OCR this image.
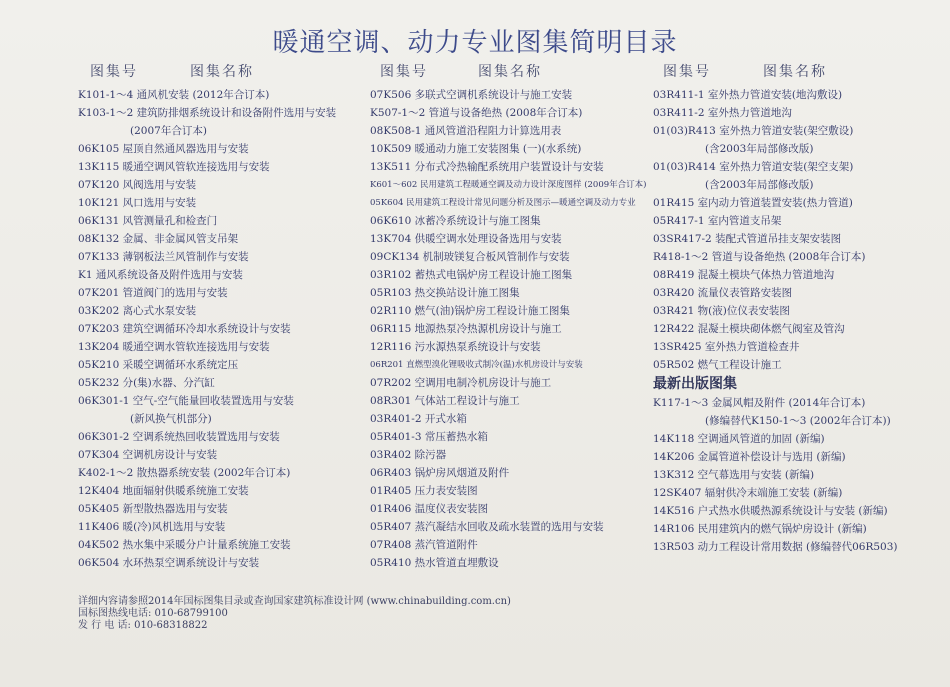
暖通空调、动力专业图集简明目录
图集号	图集名称
K101-1～4 通风机安装 (2012年合订本)
K103-1～2 建筑防排烟系统设计和设备附件选用与安装
(2007年合订本)
06K105 屋顶自然通风器选用与安装
13K115 暖通空调风管软连接选用与安装
07K120 风阀选用与安装
10K121 风口选用与安装
06K131 风管测量孔和检查门
08K132 金属、非金属风管支吊架
07K133 薄钢板法兰风管制作与安装
K1 通风系统设备及附件选用与安装
07K201 管道阀门的选用与安装
03K202 离心式水泵安装
07K203 建筑空调循环冷却水系统设计与安装
13K204 暖通空调水管软连接选用与安装
05K210 采暖空调循环水系统定压
05K232 分(集)水器、分汽缸
06K301-1 空气-空气能量回收装置选用与安装
(新风换气机部分)
06K301-2 空调系统热回收装置选用与安装
07K304 空调机房设计与安装
K402-1～2 散热器系统安装 (2002年合订本)
12K404 地面辐射供暖系统施工安装
05K405 新型散热器选用与安装
11K406 暖(冷)风机选用与安装
04K502 热水集中采暖分户计量系统施工安装
06K504 水环热泵空调系统设计与安装
图集号	图集名称
07K506 多联式空调机系统设计与施工安装
K507-1～2 管道与设备绝热 (2008年合订本)
08K508-1 通风管道沿程阻力计算选用表
10K509 暖通动力施工安装图集 (一)(水系统)
13K511 分布式冷热输配系统用户装置设计与安装
K601～602 民用建筑工程暖通空调及动力设计深度图样 (2009年合订本)
05K604 民用建筑工程设计常见问题分析及图示—暖通空调及动力专业
06K610 冰蓄冷系统设计与施工图集
13K704 供暖空调水处理设备选用与安装
09CK134 机制玻镁复合板风管制作与安装
03R102 蓄热式电锅炉房工程设计施工图集
05R103 热交换站设计施工图集
02R110 燃气(油)锅炉房工程设计施工图集
06R115 地源热泵冷热源机房设计与施工
12R116 污水源热泵系统设计与安装
06R201 直燃型溴化锂吸收式制冷(温)水机房设计与安装
07R202 空调用电制冷机房设计与施工
08R301 气体站工程设计与施工
03R401-2 开式水箱
05R401-3 常压蓄热水箱
03R402 除污器
06R403 锅炉房风烟道及附件
01R405 压力表安装图
01R406 温度仪表安装图
05R407 蒸汽凝结水回收及疏水装置的选用与安装
07R408 蒸汽管道附件
05R410 热水管道直埋敷设
图集号	图集名称
03R411-1 室外热力管道安装(地沟敷设)
03R411-2 室外热力管道地沟
01(03)R413 室外热力管道安装(架空敷设)
(含2003年局部修改版)
01(03)R414 室外热力管道安装(架空支架)
(含2003年局部修改版)
01R415 室内动力管道装置安装(热力管道)
05R417-1 室内管道支吊架
03SR417-2 装配式管道吊挂支架安装图
R418-1～2 管道与设备绝热 (2008年合订本)
08R419 混凝土模块气体热力管道地沟
03R420 流量仪表管路安装图
03R421 物(液)位仪表安装图
12R422 混凝土模块砌体燃气阀室及管沟
13SR425 室外热力管道检查井
05R502 燃气工程设计施工
最新出版图集
K117-1～3 金属风帽及附件 (2014年合订本)
(修编替代K150-1～3 (2002年合订本))
14K118 空调通风管道的加固 (新编)
14K206 金属管道补偿设计与选用 (新编)
13K312 空气幕选用与安装 (新编)
12SK407 辐射供冷末端施工安装 (新编)
14K516 户式热水供暖热源系统设计与安装 (新编)
14R106 民用建筑内的燃气锅炉房设计 (新编)
13R503 动力工程设计常用数据 (修编替代06R503)
详细内容请参照2014年国标图集目录或查询国家建筑标准设计网 (www.chinabuilding.com.cn)
国标图热线电话: 010-68799100
发 行 电 话: 010-68318822
